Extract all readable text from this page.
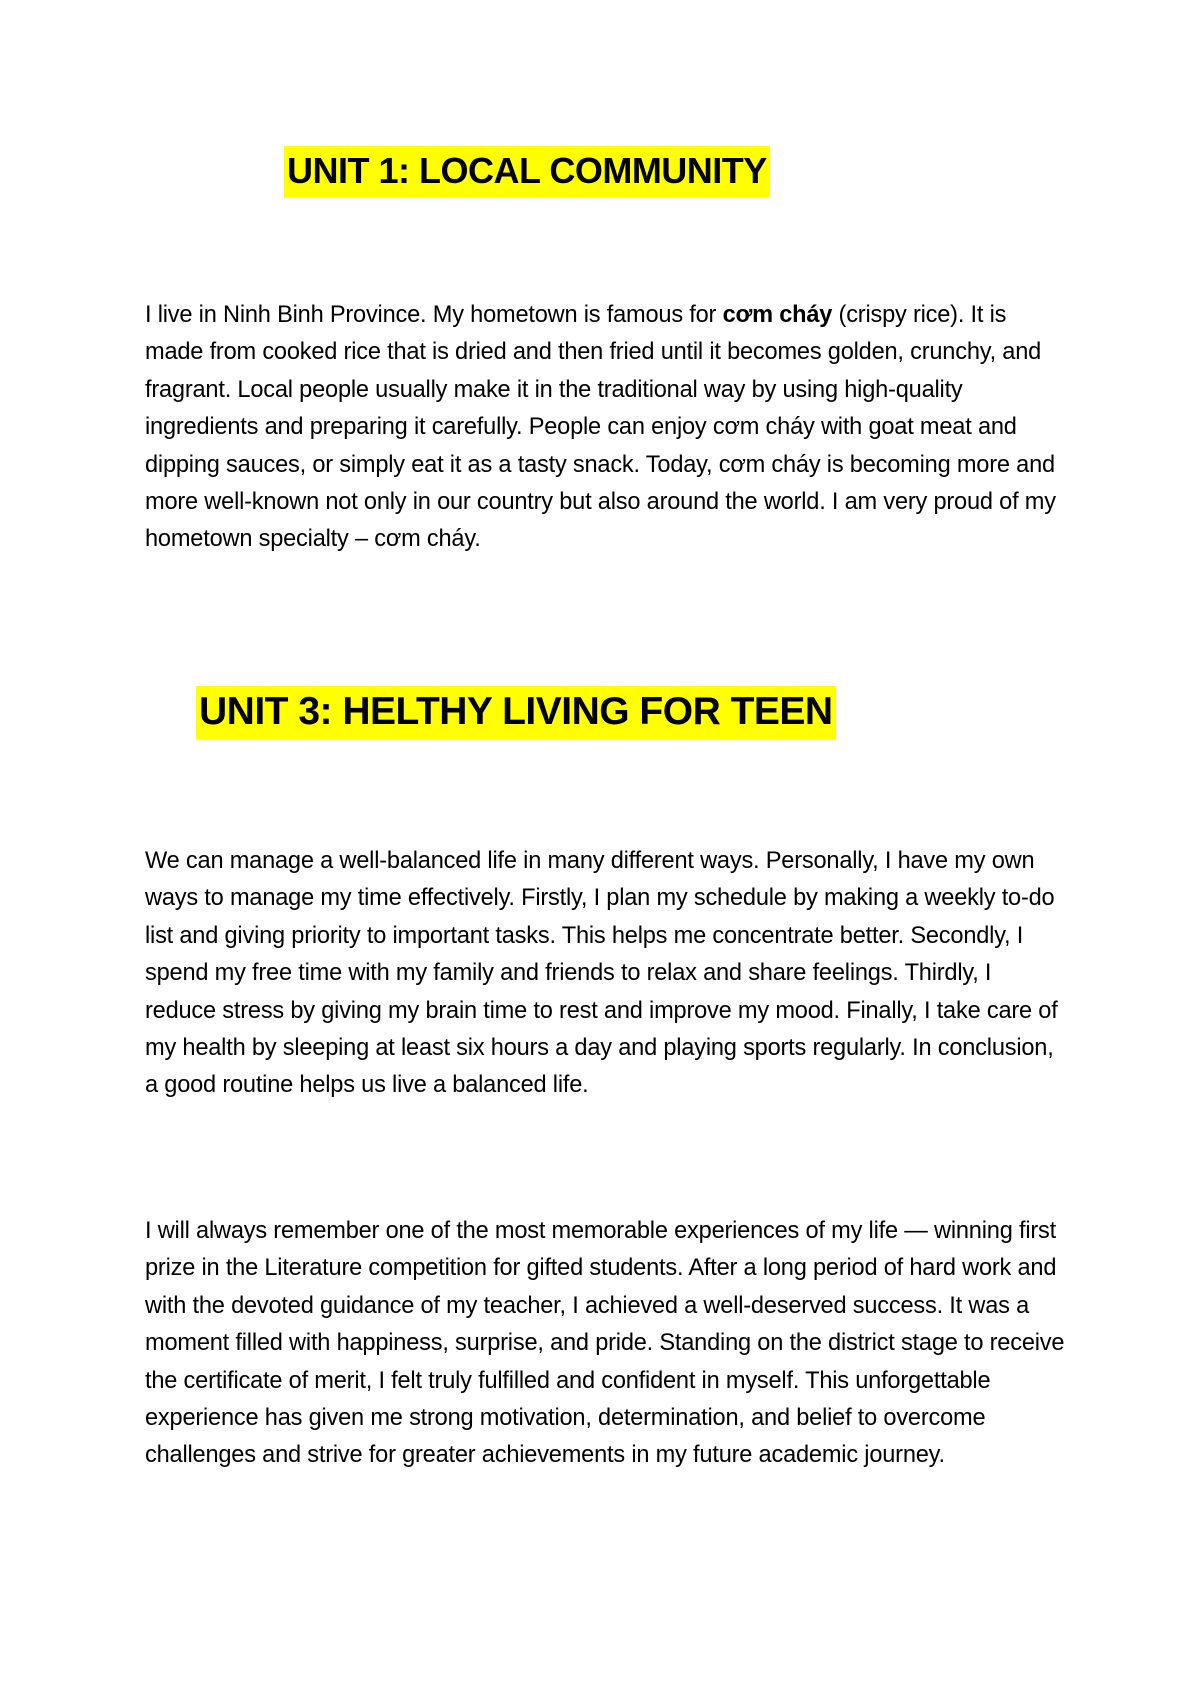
UNIT 1: LOCAL COMMUNITY

I live in Ninh Binh Province. My hometown is famous for cơm cháy (crispy rice). It is made from cooked rice that is dried and then fried until it becomes golden, crunchy, and fragrant. Local people usually make it in the traditional way by using high-quality ingredients and preparing it carefully. People can enjoy cơm cháy with goat meat and dipping sauces, or simply eat it as a tasty snack. Today, cơm cháy is becoming more and more well-known not only in our country but also around the world. I am very proud of my hometown specialty – cơm cháy.

UNIT 3: HELTHY LIVING FOR TEEN

We can manage a well-balanced life in many different ways. Personally, I have my own ways to manage my time effectively. Firstly, I plan my schedule by making a weekly to-do list and giving priority to important tasks. This helps me concentrate better. Secondly, I spend my free time with my family and friends to relax and share feelings. Thirdly, I reduce stress by giving my brain time to rest and improve my mood. Finally, I take care of my health by sleeping at least six hours a day and playing sports regularly. In conclusion, a good routine helps us live a balanced life.

I will always remember one of the most memorable experiences of my life — winning first prize in the Literature competition for gifted students. After a long period of hard work and with the devoted guidance of my teacher, I achieved a well-deserved success. It was a moment filled with happiness, surprise, and pride. Standing on the district stage to receive the certificate of merit, I felt truly fulfilled and confident in myself. This unforgettable experience has given me strong motivation, determination, and belief to overcome challenges and strive for greater achievements in my future academic journey.
